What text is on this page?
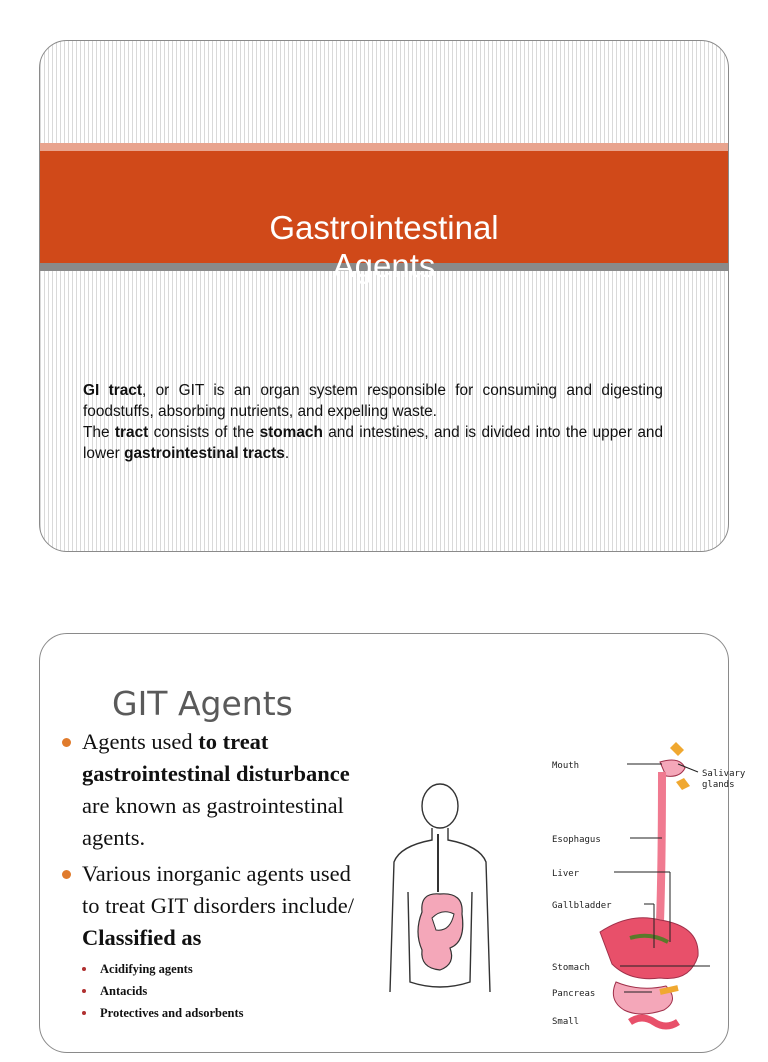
Gastrointestinal
Agents

GI tract, or GIT is an organ system responsible for consuming and digesting foodstuffs, absorbing nutrients, and expelling waste.

The tract consists of the stomach and intestines, and is divided into the upper and lower gastrointestinal tracts.

GIT Agents
Agents used to treat gastrointestinal disturbance are known as gastrointestinal agents.
Various inorganic agents used to treat GIT disorders include/ Classified as
Acidifying agents
Antacids
Protectives and adsorbents
Mouth
Salivary
glands
Esophagus
Liver
Gallbladder
Stomach
Pancreas
Small
